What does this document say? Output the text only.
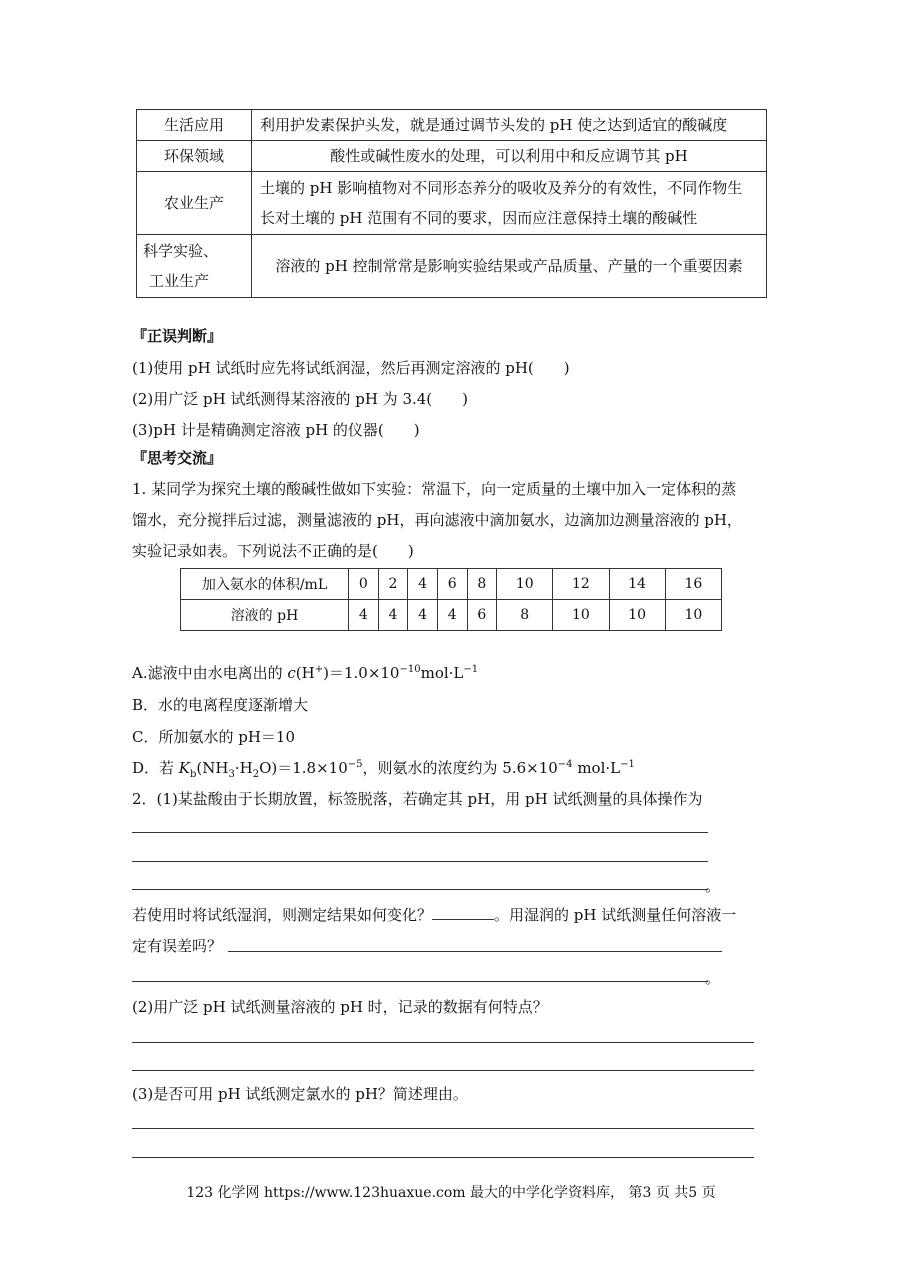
生活应用	利用护发素保护头发，就是通过调节头发的 pH 使之达到适宜的酸碱度
环保领域	酸性或碱性废水的处理，可以利用中和反应调节其 pH
农业生产	土壤的 pH 影响植物对不同形态养分的吸收及养分的有效性，不同作物生
长对土壤的 pH 范围有不同的要求，因而应注意保持土壤的酸碱性

科学实验、
工业生产	溶液的 pH 控制常常是影响实验结果或产品质量、产量的一个重要因素
『正误判断』
(1)使用 pH 试纸时应先将试纸润湿，然后再测定溶液的 pH(　　)
(2)用广泛 pH 试纸测得某溶液的 pH 为 3.4(　　)
(3)pH 计是精确测定溶液 pH 的仪器(　　)
『思考交流』
1. 某同学为探究土壤的酸碱性做如下实验：常温下，向一定质量的土壤中加入一定体积的蒸
馏水，充分搅拌后过滤，测量滤液的 pH，再向滤液中滴加氨水，边滴加边测量溶液的 pH，
实验记录如表。下列说法不正确的是(　　)
加入氨水的体积/mL	0	2	4	6	8	10	12	14	16
溶液的 pH	4	4	4	4	6	8	10	10	10
A.滤液中由水电离出的 $c(H^+)=1.0\times 10^{-10}mol\cdot L^{-1}$
B．水的电离程度逐渐增大
C．所加氨水的 pH＝10
D．若 $K_b(NH_3\cdot H_2O)=1.8\times 10^{-5}$，则氨水的浓度约为 $5.6\times 10^{-4}$ $mol\cdot L^{-1}$
2．(1)某盐酸由于长期放置，标签脱落，若确定其 pH，用 pH 试纸测量的具体操作为
。
若使用时将试纸湿润，则测定结果如何变化？	。用湿润的 pH 试纸测量任何溶液一
定有误差吗？
。
(2)用广泛 pH 试纸测量溶液的 pH 时，记录的数据有何特点？
(3)是否可用 pH 试纸测定氯水的 pH？简述理由。
123 化学网 https://www.123huaxue.com 最大的中学化学资料库， 第3 页 共5 页
